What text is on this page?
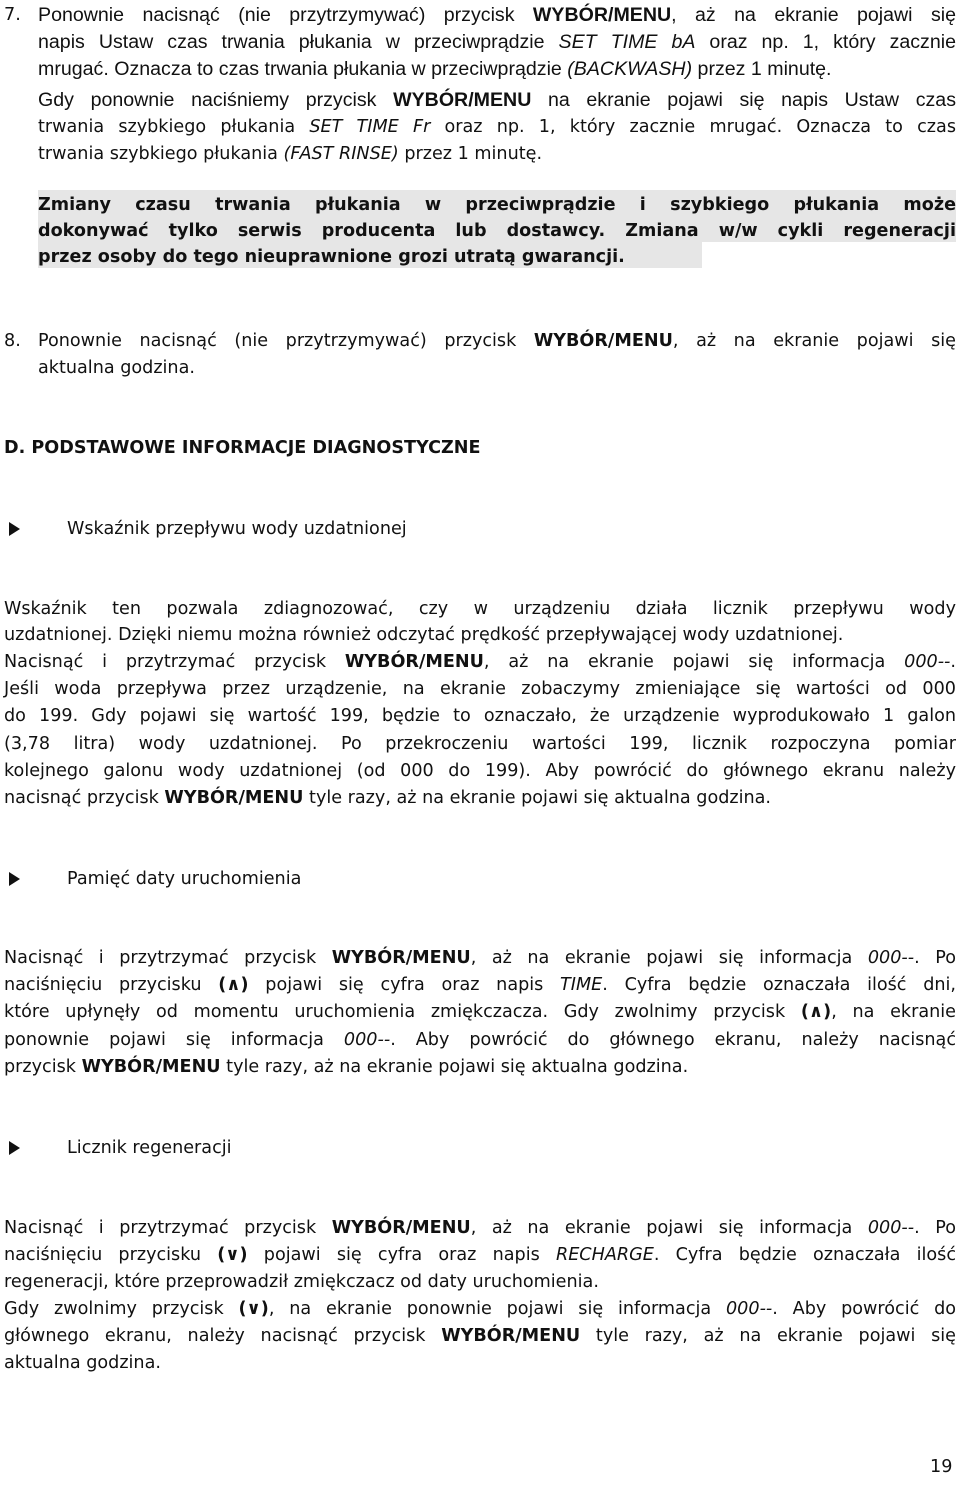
7. Ponownie nacisnąć (nie przytrzymywać) przycisk WYBÓR/MENU, aż na ekranie pojawi się
napis Ustaw czas trwania płukania w przeciwprądzie SET TIME bA oraz np. 1, który zacznie
mrugać. Oznacza to czas trwania płukania w przeciwprądzie (BACKWASH) przez 1 minutę.
Gdy ponownie naciśniemy przycisk WYBÓR/MENU na ekranie pojawi się napis Ustaw czas
trwania szybkiego płukania SET TIME Fr oraz np. 1, który zacznie mrugać. Oznacza to czas
trwania szybkiego płukania (FAST RINSE) przez 1 minutę.
Zmiany czasu trwania płukania w przeciwprądzie i szybkiego płukania może
dokonywać tylko serwis producenta lub dostawcy. Zmiana w/w cykli regeneracji
przez osoby do tego nieuprawnione grozi utratą gwarancji.
8. Ponownie nacisnąć (nie przytrzymywać) przycisk WYBÓR/MENU, aż na ekranie pojawi się
aktualna godzina.
D. PODSTAWOWE INFORMACJE DIAGNOSTYCZNE
Wskaźnik przepływu wody uzdatnionej
Wskaźnik ten pozwala zdiagnozować, czy w urządzeniu działa licznik przepływu wody
uzdatnionej. Dzięki niemu można również odczytać prędkość przepływającej wody uzdatnionej.
Nacisnąć i przytrzymać przycisk WYBÓR/MENU, aż na ekranie pojawi się informacja 000--.
Jeśli woda przepływa przez urządzenie, na ekranie zobaczymy zmieniające się wartości od 000
do 199. Gdy pojawi się wartość 199, będzie to oznaczało, że urządzenie wyprodukowało 1 galon
(3,78 litra) wody uzdatnionej. Po przekroczeniu wartości 199, licznik rozpoczyna pomiar
kolejnego galonu wody uzdatnionej (od 000 do 199). Aby powrócić do głównego ekranu należy
nacisnąć przycisk WYBÓR/MENU tyle razy, aż na ekranie pojawi się aktualna godzina.
Pamięć daty uruchomienia
Nacisnąć i przytrzymać przycisk WYBÓR/MENU, aż na ekranie pojawi się informacja 000--. Po
naciśnięciu przycisku (∧) pojawi się cyfra oraz napis TIME. Cyfra będzie oznaczała ilość dni,
które upłynęły od momentu uruchomienia zmiękczacza. Gdy zwolnimy przycisk (∧), na ekranie
ponownie pojawi się informacja 000--. Aby powrócić do głównego ekranu, należy nacisnąć
przycisk WYBÓR/MENU tyle razy, aż na ekranie pojawi się aktualna godzina.
Licznik regeneracji
Nacisnąć i przytrzymać przycisk WYBÓR/MENU, aż na ekranie pojawi się informacja 000--. Po
naciśnięciu przycisku (∨) pojawi się cyfra oraz napis RECHARGE. Cyfra będzie oznaczała ilość
regeneracji, które przeprowadził zmiękczacz od daty uruchomienia.
Gdy zwolnimy przycisk (∨), na ekranie ponownie pojawi się informacja 000--. Aby powrócić do
głównego ekranu, należy nacisnąć przycisk WYBÓR/MENU tyle razy, aż na ekranie pojawi się
aktualna godzina.
19
